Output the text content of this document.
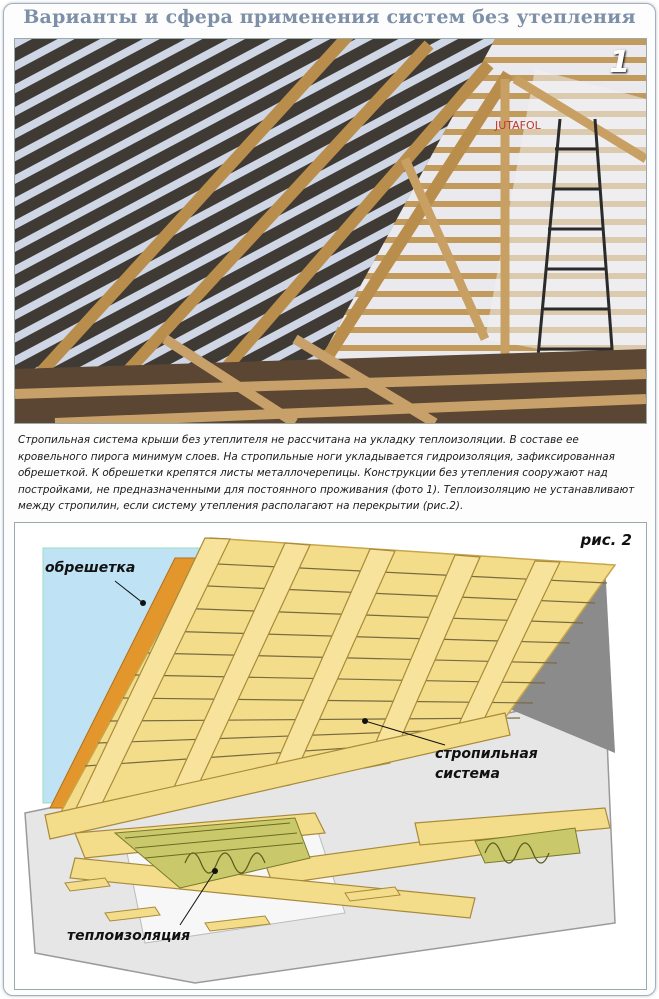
Варианты и сфера применения систем без утепления
JUTAFOL
1
Стропильная система крыши без утеплителя не рассчитана на укладку теплоизоляции. В составе ее кровельного пирога минимум слоев. На стропильные ноги укладывается гидроизоляция, зафиксированная обрешеткой. К обрешетки крепятся листы металлочерепицы. Конструкции без утепления сооружают над постройками, не предназначенными для постоянного проживания (фото 1). Теплоизоляцию не устанавливают между стропилин, если систему утепления располагают на перекрытии (рис.2).
рис. 2
обрешетка
стропильная
система
теплоизоляция
